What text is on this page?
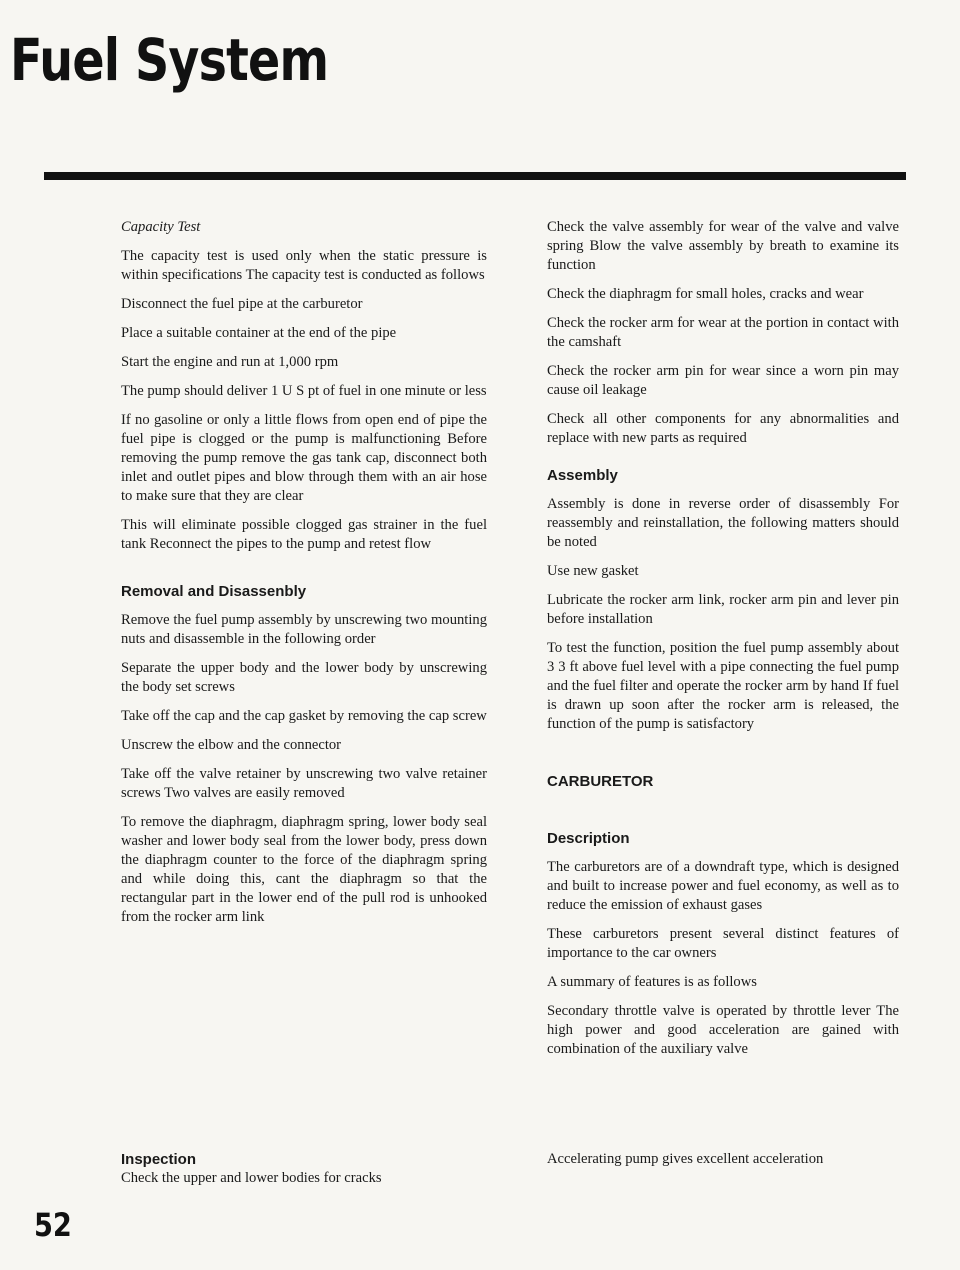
Fuel System

Capacity Test

The capacity test is used only when the static pressure is within specifications The capacity test is conducted as follows

Disconnect the fuel pipe at the carburetor

Place a suitable container at the end of the pipe

Start the engine and run at 1,000 rpm

The pump should deliver 1 U S pt of fuel in one minute or less

If no gasoline or only a little flows from open end of pipe the fuel pipe is clogged or the pump is malfunctioning Before removing the pump remove the gas tank cap, disconnect both inlet and outlet pipes and blow through them with an air hose to make sure that they are clear

This will eliminate possible clogged gas strainer in the fuel tank Reconnect the pipes to the pump and retest flow

Removal and Disassenbly

Remove the fuel pump assembly by unscrewing two mounting nuts and disassemble in the following order

Separate the upper body and the lower body by unscrewing the body set screws

Take off the cap and the cap gasket by removing the cap screw

Unscrew the elbow and the connector

Take off the valve retainer by unscrewing two valve retainer screws Two valves are easily removed

To remove the diaphragm, diaphragm spring, lower body seal washer and lower body seal from the lower body, press down the diaphragm counter to the force of the diaphragm spring and while doing this, cant the diaphragm so that the rectangular part in the lower end of the pull rod is unhooked from the rocker arm link

Inspection

Check the upper and lower bodies for cracks

Check the valve assembly for wear of the valve and valve spring Blow the valve assembly by breath to examine its function

Check the diaphragm for small holes, cracks and wear

Check the rocker arm for wear at the portion in contact with the camshaft

Check the rocker arm pin for wear since a worn pin may cause oil leakage

Check all other components for any abnormalities and replace with new parts as required

Assembly

Assembly is done in reverse order of disassembly For reassembly and reinstallation, the following matters should be noted

Use new gasket

Lubricate the rocker arm link, rocker arm pin and lever pin before installation

To test the function, position the fuel pump assembly about 3 3 ft above fuel level with a pipe connecting the fuel pump and the fuel filter and operate the rocker arm by hand If fuel is drawn up soon after the rocker arm is released, the function of the pump is satisfactory

CARBURETOR

Description

The carburetors are of a downdraft type, which is designed and built to increase power and fuel economy, as well as to reduce the emission of exhaust gases

These carburetors present several distinct features of importance to the car owners

A summary of features is as follows

Secondary throttle valve is operated by throttle lever The high power and good acceleration are gained with combination of the auxiliary valve

Accelerating pump gives excellent acceleration

52
